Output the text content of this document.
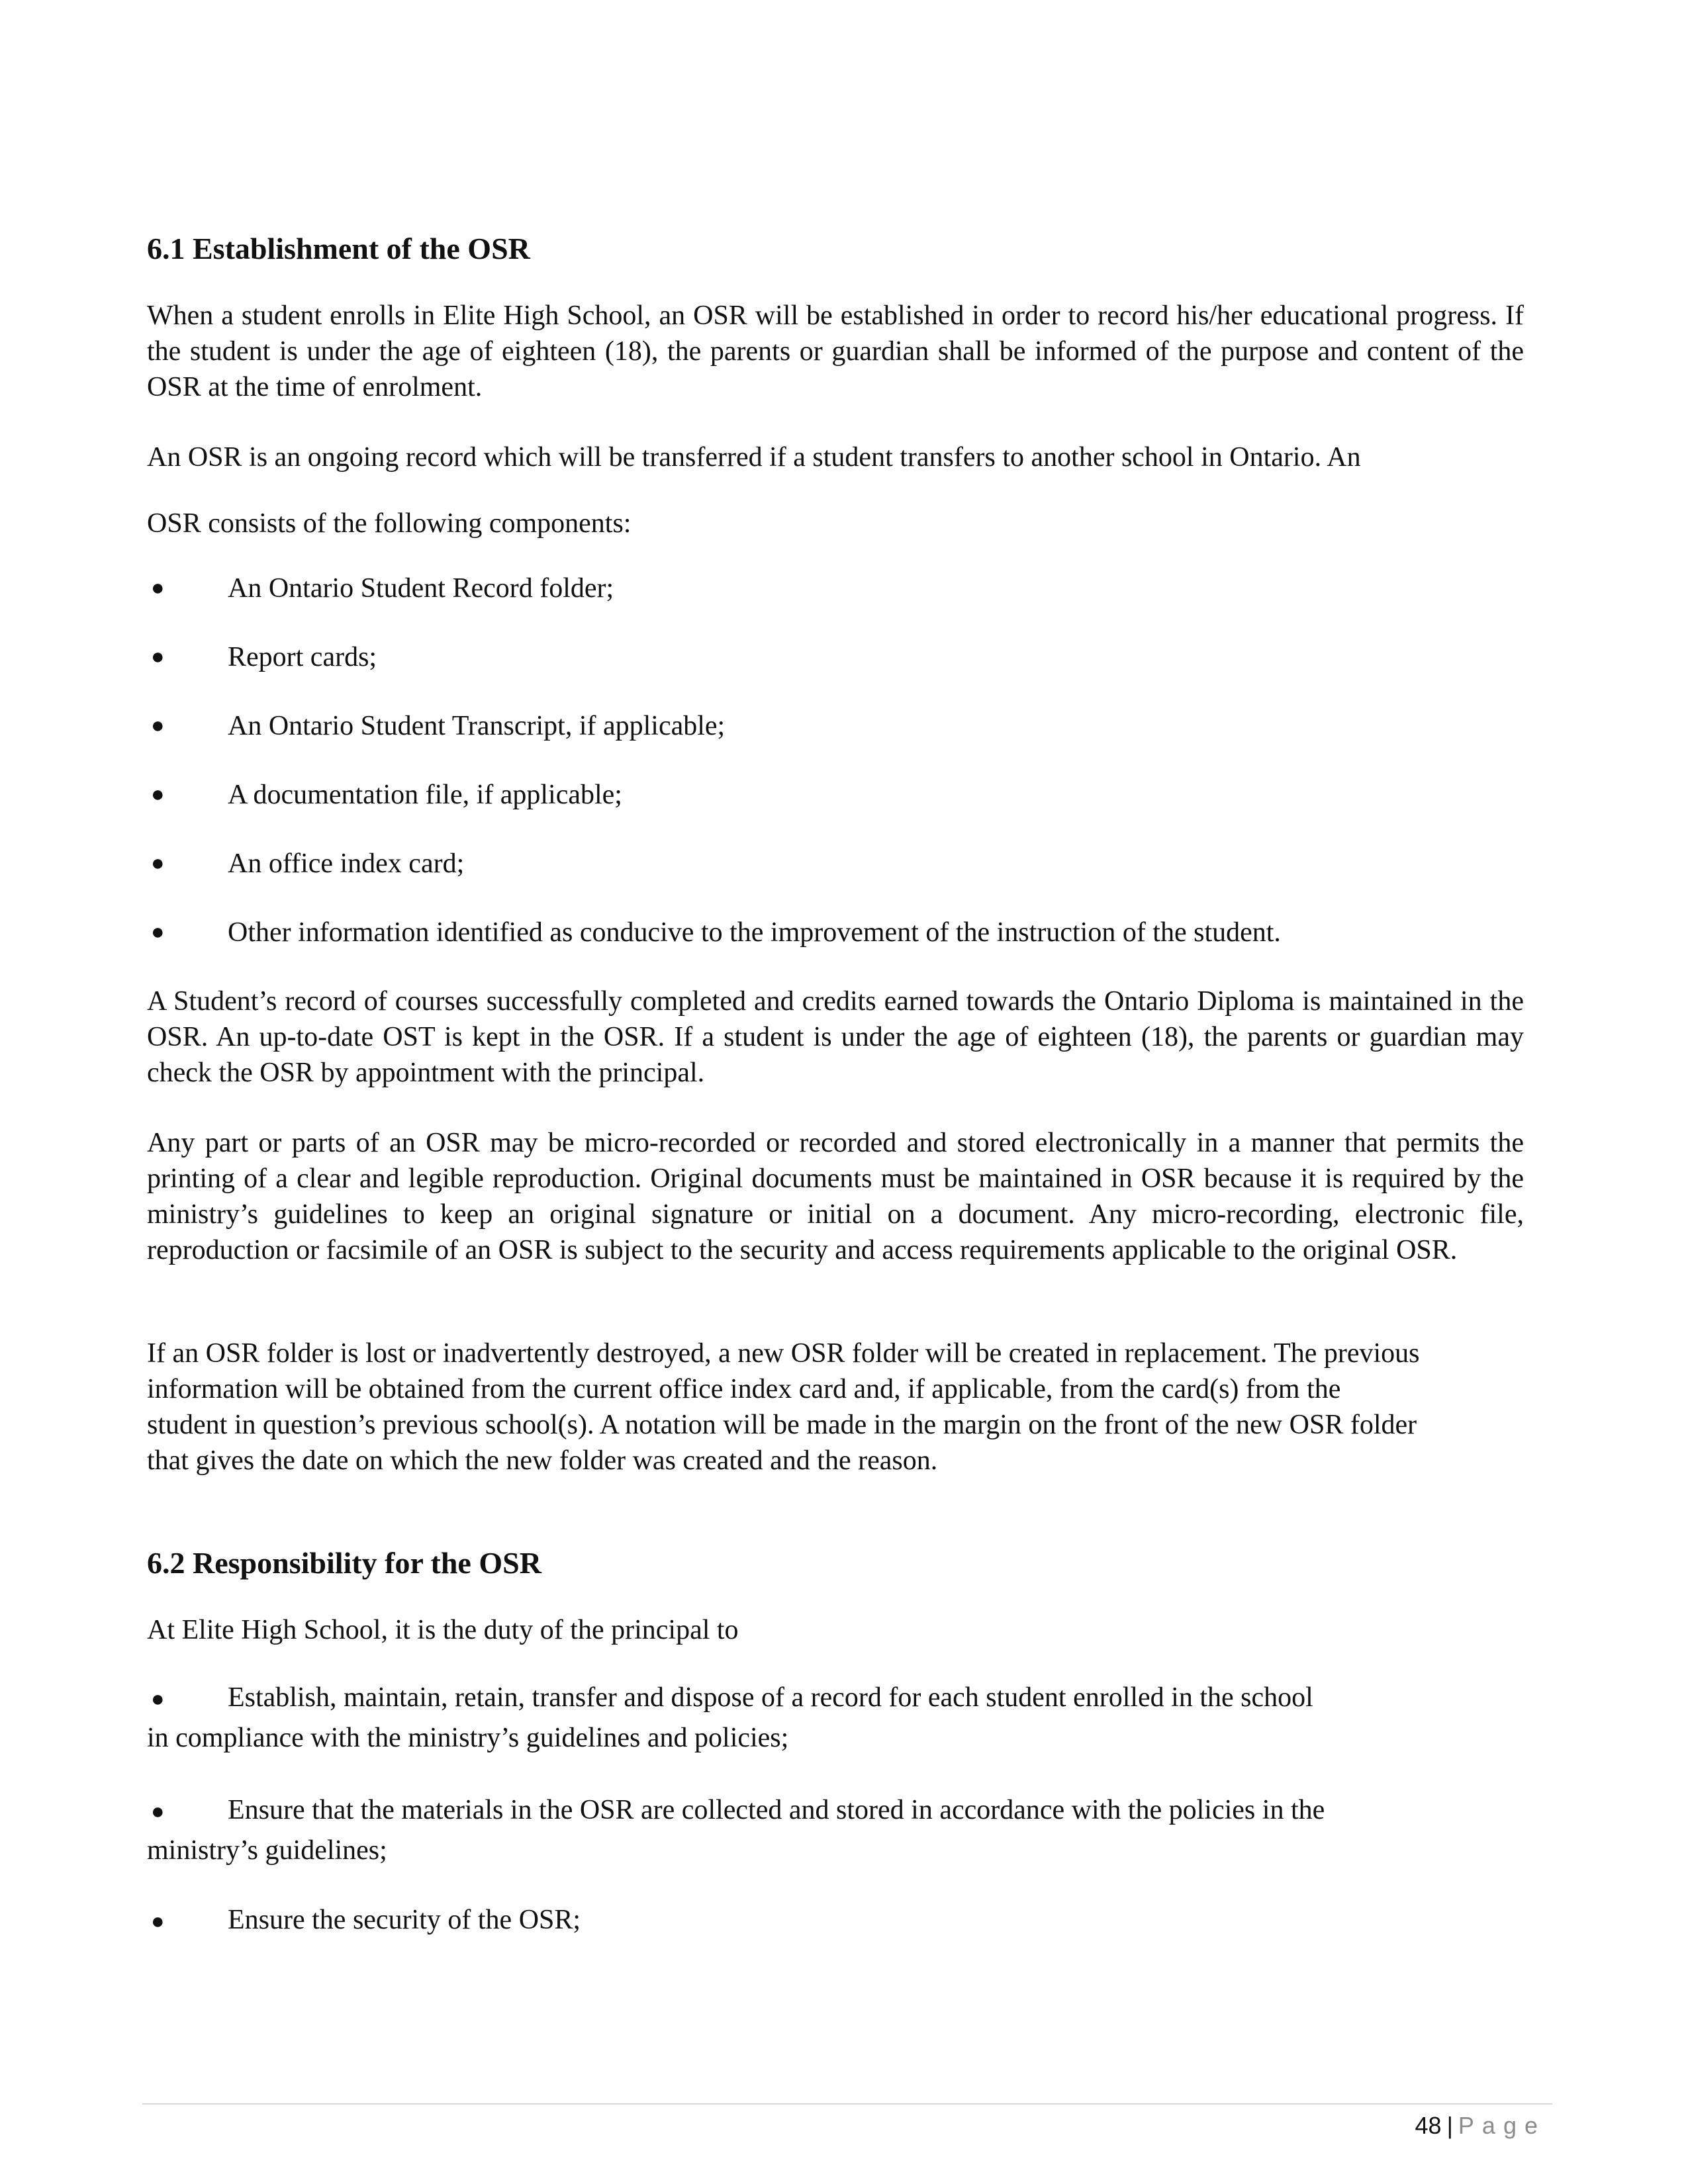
6.1 Establishment of the OSR

When a student enrolls in Elite High School, an OSR will be established in order to record his/her educational progress. If the student is under the age of eighteen (18), the parents or guardian shall be informed of the purpose and content of the OSR at the time of enrolment.

An OSR is an ongoing record which will be transferred if a student transfers to another school in Ontario. An

OSR consists of the following components:

● An Ontario Student Record folder;
● Report cards;
● An Ontario Student Transcript, if applicable;
● A documentation file, if applicable;
● An office index card;
● Other information identified as conducive to the improvement of the instruction of the student.

A Student’s record of courses successfully completed and credits earned towards the Ontario Diploma is maintained in the OSR. An up-to-date OST is kept in the OSR. If a student is under the age of eighteen (18), the parents or guardian may check the OSR by appointment with the principal.

Any part or parts of an OSR may be micro-recorded or recorded and stored electronically in a manner that permits the printing of a clear and legible reproduction. Original documents must be maintained in OSR because it is required by the ministry’s guidelines to keep an original signature or initial on a document. Any micro-recording, electronic file, reproduction or facsimile of an OSR is subject to the security and access requirements applicable to the original OSR.

If an OSR folder is lost or inadvertently destroyed, a new OSR folder will be created in replacement. The previous
information will be obtained from the current office index card and, if applicable, from the card(s) from the
student in question’s previous school(s). A notation will be made in the margin on the front of the new OSR folder
that gives the date on which the new folder was created and the reason.
6.2 Responsibility for the OSR

At Elite High School, it is the duty of the principal to

● Establish, maintain, retain, transfer and dispose of a record for each student enrolled in the school
in compliance with the ministry’s guidelines and policies;
● Ensure that the materials in the OSR are collected and stored in accordance with the policies in the
ministry’s guidelines;
● Ensure the security of the OSR;
48 | Page
